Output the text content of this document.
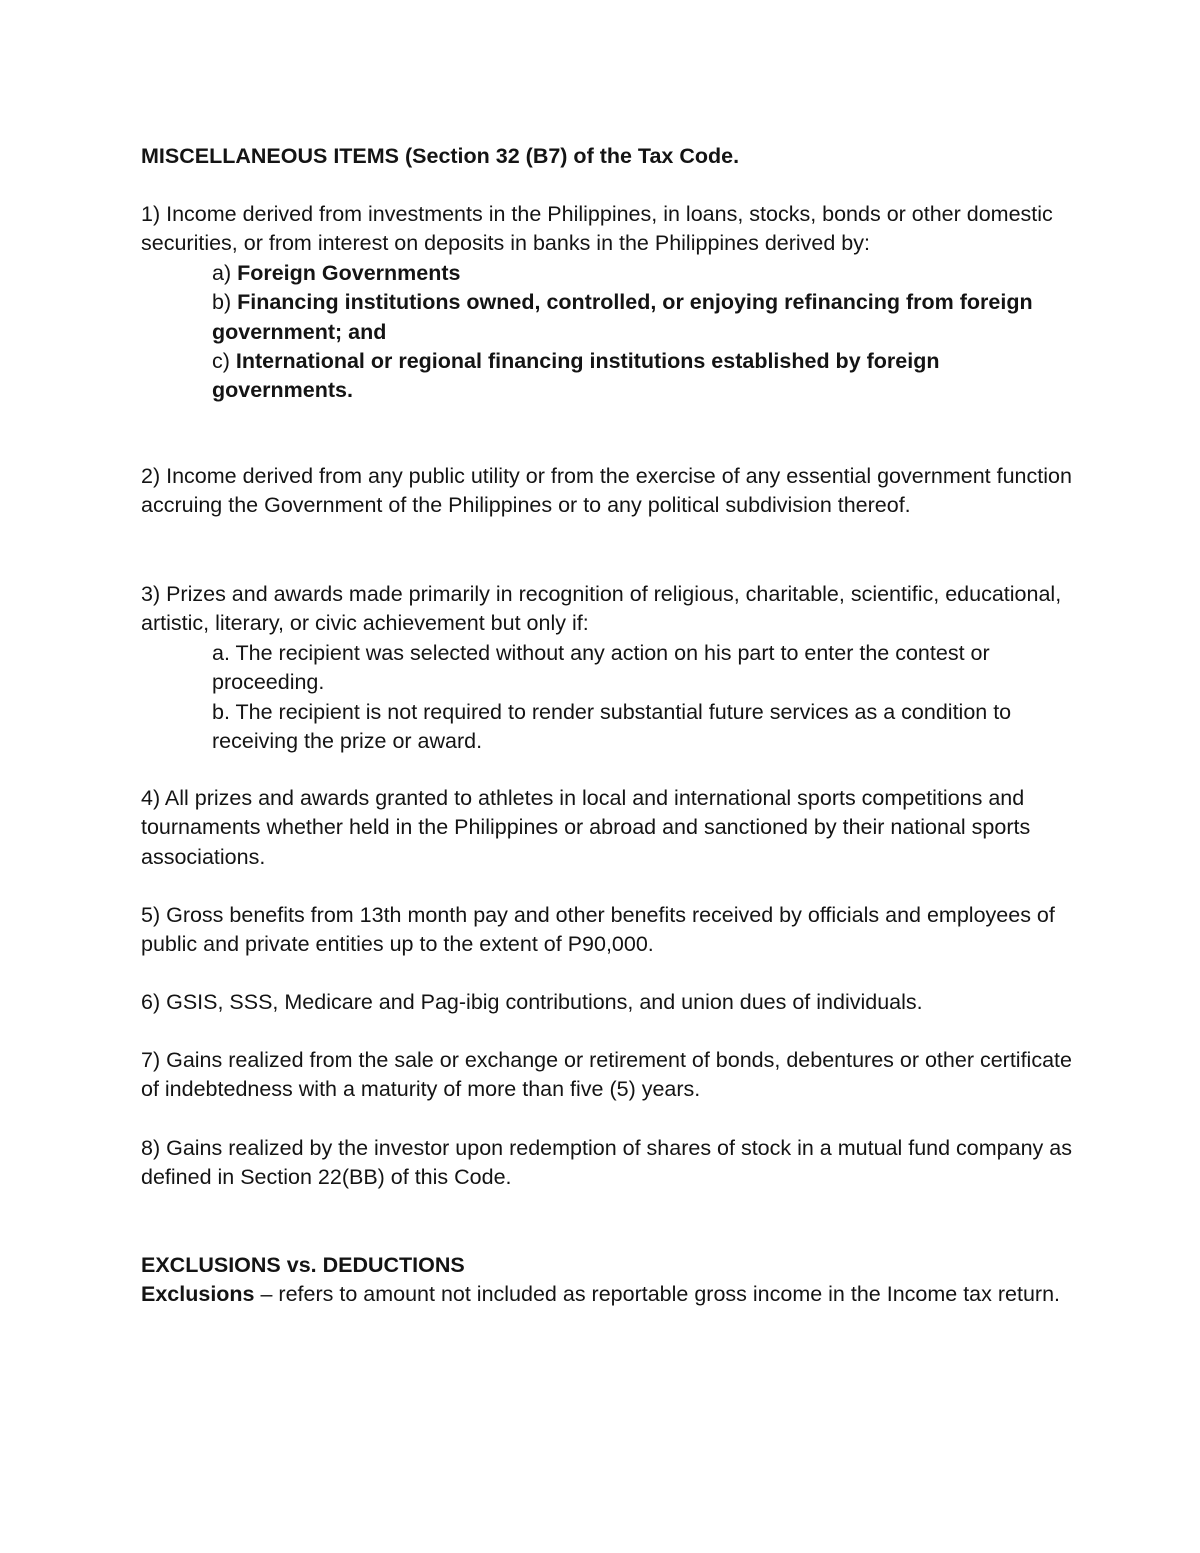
MISCELLANEOUS ITEMS (Section 32 (B7) of the Tax Code.

1) Income derived from investments in the Philippines, in loans, stocks, bonds or other domestic securities, or from interest on deposits in banks in the Philippines derived by:

a) Foreign Governments

b) Financing institutions owned, controlled, or enjoying refinancing from foreign government; and

c) International or regional financing institutions established by foreign governments.

2) Income derived from any public utility or from the exercise of any essential government function accruing the Government of the Philippines or to any political subdivision thereof.

3) Prizes and awards made primarily in recognition of religious, charitable, scientific, educational, artistic, literary, or civic achievement but only if:

a. The recipient was selected without any action on his part to enter the contest or proceeding.

b. The recipient is not required to render substantial future services as a condition to receiving the prize or award.

4) All prizes and awards granted to athletes in local and international sports competitions and tournaments whether held in the Philippines or abroad and sanctioned by their national sports associations.

5) Gross benefits from 13th month pay and other benefits received by officials and employees of public and private entities up to the extent of P90,000.

6) GSIS, SSS, Medicare and Pag-ibig contributions, and union dues of individuals.

7) Gains realized from the sale or exchange or retirement of bonds, debentures or other certificate of indebtedness with a maturity of more than five (5) years.

8) Gains realized by the investor upon redemption of shares of stock in a mutual fund company as defined in Section 22(BB) of this Code.

EXCLUSIONS vs. DEDUCTIONS

Exclusions – refers to amount not included as reportable gross income in the Income tax return.
